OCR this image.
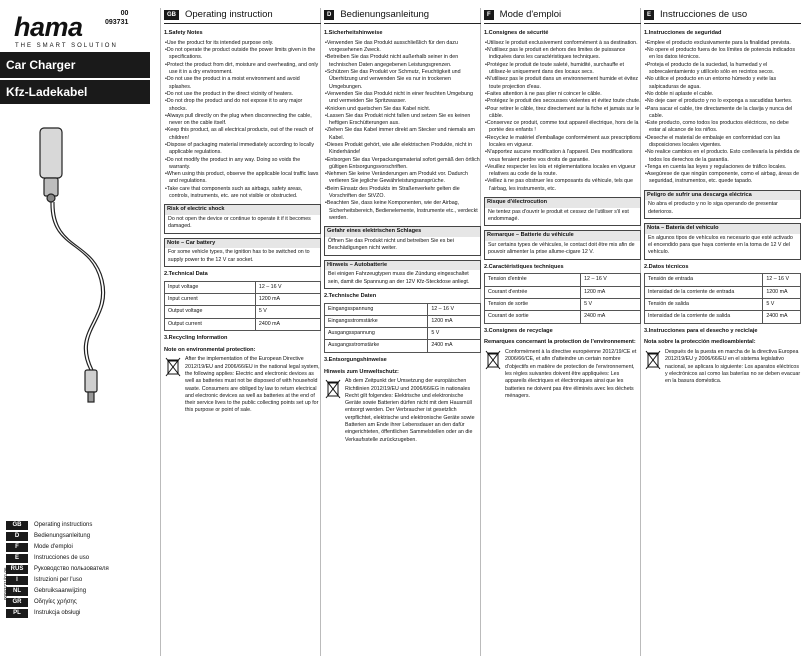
hama
THE SMART SOLUTION
00
093731
Car Charger
Kfz-Ladekabel
GB	Operating instructions
D	Bedienungsanleitung
F	Mode d'emploi
E	Instrucciones de uso
RUS	Руководство пользователя
I	Istruzioni per l'uso
NL	Gebruiksaanwijzing
GR	Οδηγίες χρήσης
PL	Instrukcja obsługi
00093731/01.06
GB Operating instruction
1.Safety Notes
• Use the product for its intended purpose only.
• Do not operate the product outside the power limits given in the specifications.
• Protect the product from dirt, moisture and overheating, and only use it in a dry environment.
• Do not use the product in a moist environment and avoid splashes.
• Do not use the product in the direct vicinity of heaters.
• Do not drop the product and do not expose it to any major shocks.
• Always pull directly on the plug when disconnecting the cable, never on the cable itself.
• Keep this product, as all electrical products, out of the reach of children!
• Dispose of packaging material immediately according to locally applicable regulations.
• Do not modify the product in any way. Doing so voids the warranty.
• When using this product, observe the applicable local traffic laws and regulations.
• Take care that components such as airbags, safety areas, controls, instruments, etc. are not visible or obstructed.
Risk of electric shock
Do not open the device or continue to operate it if it becomes damaged.
Note – Car battery
For some vehicle types, the ignition has to be switched on to supply power to the 12 V car socket.
2.Technical Data
Input voltage	12 – 16 V
Input current	1200 mA
Output voltage	5 V
Output current	2400 mA
3.Recycling Information
Note on environmental protection:
After the implementation of the European Directive 2012/19/EU and 2006/66/EU in the national legal system, the following applies: Electric and electronic devices as well as batteries must not be disposed of with household waste. Consumers are obliged by law to return electrical and electronic devices as well as batteries at the end of their service lives to the public collecting points set up for this purpose or point of sale.
D Bedienungsanleitung
1.Sicherheitshinweise
• Verwenden Sie das Produkt ausschließlich für den dazu vorgesehenen Zweck.
• Betreiben Sie das Produkt nicht außerhalb seiner in den technischen Daten angegebenen Leistungsgrenzen.
• Schützen Sie das Produkt vor Schmutz, Feuchtigkeit und Überhitzung und verwenden Sie es nur in trockenen Umgebungen.
• Verwenden Sie das Produkt nicht in einer feuchten Umgebung und vermeiden Sie Spritzwasser.
• Knicken und quetschen Sie das Kabel nicht.
• Lassen Sie das Produkt nicht fallen und setzen Sie es keinen heftigen Erschütterungen aus.
• Ziehen Sie das Kabel immer direkt am Stecker und niemals am Kabel.
• Dieses Produkt gehört, wie alle elektrischen Produkte, nicht in Kinderhände!
• Entsorgen Sie das Verpackungsmaterial sofort gemäß den örtlich gültigen Entsorgungsvorschriften.
• Nehmen Sie keine Veränderungen am Produkt vor. Dadurch verlieren Sie jegliche Gewährleistungsansprüche.
• Beim Einsatz des Produkts im Straßenverkehr gelten die Vorschriften der StVZO.
• Beachten Sie, dass keine Komponenten, wie der Airbag, Sicherheitsbereich, Bedienelemente, Instrumente etc., verdeckt werden.
Gefahr eines elektrischen Schlages
Öffnen Sie das Produkt nicht und betreiben Sie es bei Beschädigungen nicht weiter.
Hinweis – Autobatterie
Bei einigen Fahrzeugtypen muss die Zündung eingeschaltet sein, damit die Spannung an der 12V Kfz-Steckdose anliegt.
2.Technische Daten
Eingangsspannung	12 – 16 V
Eingangsstromstärke	1200 mA
Ausgangsspannung	5 V
Ausgangsstromstärke	2400 mA
3.Entsorgungshinweise
Hinweis zum Umweltschutz:
Ab dem Zeitpunkt der Umsetzung der europäischen Richtlinien 2012/19/EU und 2006/66/EG in nationales Recht gilt folgendes: Elektrische und elektronische Geräte sowie Batterien dürfen nicht mit dem Hausmüll entsorgt werden. Der Verbraucher ist gesetzlich verpflichtet, elektrische und elektronische Geräte sowie Batterien am Ende ihrer Lebensdauer an den dafür eingerichteten, öffentlichen Sammelstellen oder an die Verkaufsstelle zurückzugeben.
F Mode d'emploi
1.Consignes de sécurité
• Utilisez le produit exclusivement conformément à sa destination.
• N'utilisez pas le produit en dehors des limites de puissance indiquées dans les caractéristiques techniques.
• Protégez le produit de toute saleté, humidité, surchauffe et utilisez-le uniquement dans des locaux secs.
• N'utilisez pas le produit dans un environnement humide et évitez toute projection d'eau.
• Faites attention à ne pas plier ni coincer le câble.
• Protégez le produit des secousses violentes et évitez toute chute.
• Pour retirer le câble, tirez directement sur la fiche et jamais sur le câble.
• Conservez ce produit, comme tout appareil électrique, hors de la portée des enfants !
• Recyclez le matériel d'emballage conformément aux prescriptions locales en vigueur.
• N'apportez aucune modification à l'appareil. Des modifications vous feraient perdre vos droits de garantie.
• Veuillez respecter les lois et réglementations locales en vigueur relatives au code de la route.
• Veillez à ne pas obstruer les composants du véhicule, tels que l'airbag, les instruments, etc.
Risque d'électrocution
Ne tentez pas d'ouvrir le produit et cessez de l'utiliser s'il est endommagé.
Remarque – Batterie du véhicule
Sur certains types de véhicules, le contact doit être mis afin de pouvoir alimenter la prise allume-cigare 12 V.
2.Caractéristiques techniques
Tension d'entrée	12 – 16 V
Courant d'entrée	1200 mA
Tension de sortie	5 V
Courant de sortie	2400 mA
3.Consignes de recyclage
Remarques concernant la protection de l'environnement:
Conformément à la directive européenne 2012/19/CE et 2006/66/CE, et afin d'atteindre un certain nombre d'objectifs en matière de protection de l'environnement, les règles suivantes doivent être appliquées: Les appareils électriques et électroniques ainsi que les batteries ne doivent pas être éliminés avec les déchets ménagers.
E Instrucciones de uso
1.Instrucciones de seguridad
• Emplee el producto exclusivamente para la finalidad prevista.
• No opere el producto fuera de los límites de potencia indicados en los datos técnicos.
• Proteja el producto de la suciedad, la humedad y el sobrecalentamiento y utilícelo sólo en recintos secos.
• No utilice el producto en un entorno húmedo y evite las salpicaduras de agua.
• No doble ni aplaste el cable.
• No deje caer el producto y no lo exponga a sacudidas fuertes.
• Para sacar el cable, tire directamente de la clavija y nunca del cable.
• Este producto, como todos los productos eléctricos, no debe estar al alcance de los niños.
• Deseche el material de embalaje en conformidad con las disposiciones locales vigentes.
• No realice cambios en el producto. Esto conllevaría la pérdida de todos los derechos de la garantía.
• Tenga en cuenta las leyes y regulaciones de tráfico locales.
• Asegúrese de que ningún componente, como el airbag, áreas de seguridad, instrumentos, etc. quede tapado.
Peligro de sufrir una descarga eléctrica
No abra el producto y no lo siga operando de presentar deterioros.
Nota – Batería del vehículo
En algunos tipos de vehículos es necesario que esté activado el encendido para que haya corriente en la toma de 12 V del vehículo.
2.Datos técnicos
Tensión de entrada	12 – 16 V
Intensidad de la corriente de entrada	1200 mA
Tensión de salida	5 V
Intensidad de la corriente de salida	2400 mA
3.Instrucciones para el desecho y reciclaje
Nota sobre la protección medioambiental:
Después de la puesta en marcha de la directiva Europea 2012/19/EU y 2006/66/EU en el sistema legislativo nacional, se aplicara lo siguiente: Los aparatos eléctricos y electrónicos así como las baterías no se deben evacuar en la basura doméstica.
